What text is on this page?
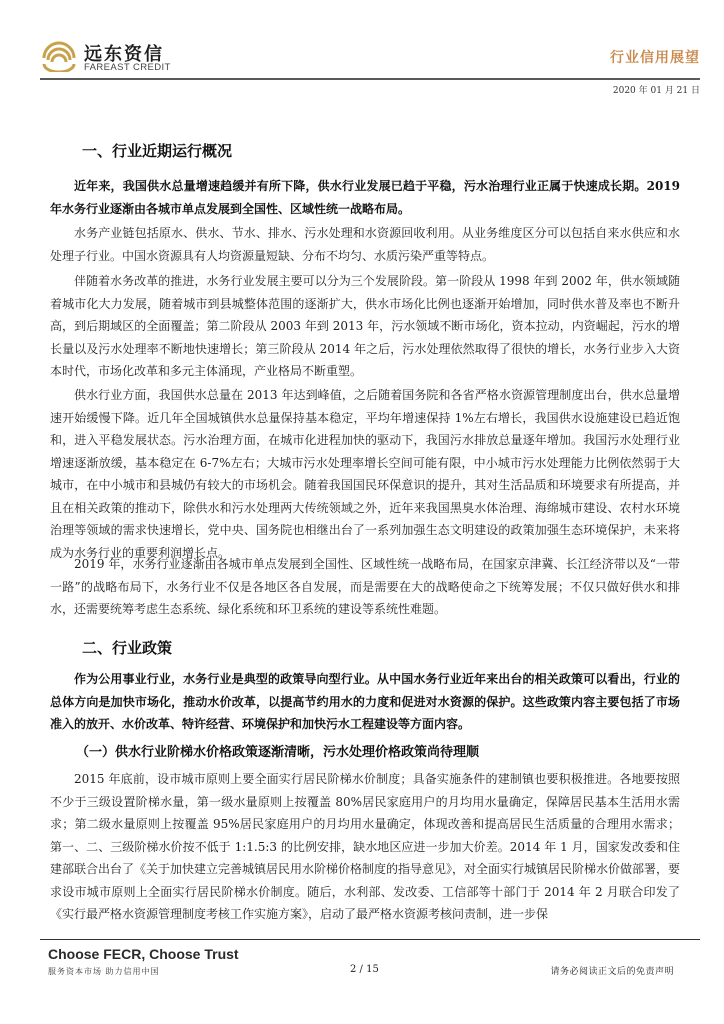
远东资信
FAREAST CREDIT
行业信用展望
2020 年 01 月 21 日
一、行业近期运行概况
近年来，我国供水总量增速趋缓并有所下降，供水行业发展已趋于平稳，污水治理行业正属于快速成长期。2019 年水务行业逐渐由各城市单点发展到全国性、区域性统一战略布局。
水务产业链包括原水、供水、节水、排水、污水处理和水资源回收利用。从业务维度区分可以包括自来水供应和水处理子行业。中国水资源具有人均资源量短缺、分布不均匀、水质污染严重等特点。
伴随着水务改革的推进，水务行业发展主要可以分为三个发展阶段。第一阶段从 1998 年到 2002 年，供水领域随着城市化大力发展，随着城市到县城整体范围的逐渐扩大，供水市场化比例也逐渐开始增加，同时供水普及率也不断升高，到后期域区的全面覆盖；第二阶段从 2003 年到 2013 年，污水领域不断市场化，资本拉动，内资崛起，污水的增长量以及污水处理率不断地快速增长；第三阶段从 2014 年之后，污水处理依然取得了很快的增长，水务行业步入大资本时代，市场化改革和多元主体涌现，产业格局不断重塑。
供水行业方面，我国供水总量在 2013 年达到峰值，之后随着国务院和各省严格水资源管理制度出台，供水总量增速开始缓慢下降。近几年全国城镇供水总量保持基本稳定，平均年增速保持 1%左右增长，我国供水设施建设已趋近饱和，进入平稳发展状态。污水治理方面，在城市化进程加快的驱动下，我国污水排放总量逐年增加。我国污水处理行业增速逐渐放缓，基本稳定在 6-7%左右；大城市污水处理率增长空间可能有限，中小城市污水处理能力比例依然弱于大城市，在中小城市和县城仍有较大的市场机会。随着我国国民环保意识的提升，其对生活品质和环境要求有所提高，并且在相关政策的推动下，除供水和污水处理两大传统领域之外，近年来我国黑臭水体治理、海绵城市建设、农村水环境治理等领域的需求快速增长，党中央、国务院也相继出台了一系列加强生态文明建设的政策加强生态环境保护，未来将成为水务行业的重要利润增长点。
2019 年，水务行业逐渐由各城市单点发展到全国性、区域性统一战略布局，在国家京津冀、长江经济带以及“一带一路”的战略布局下，水务行业不仅是各地区各自发展，而是需要在大的战略使命之下统筹发展；不仅只做好供水和排水，还需要统筹考虑生态系统、绿化系统和环卫系统的建设等系统性难题。
二、行业政策
作为公用事业行业，水务行业是典型的政策导向型行业。从中国水务行业近年来出台的相关政策可以看出，行业的总体方向是加快市场化，推动水价改革，以提高节约用水的力度和促进对水资源的保护。这些政策内容主要包括了市场准入的放开、水价改革、特许经营、环境保护和加快污水工程建设等方面内容。
（一）供水行业阶梯水价格政策逐渐清晰，污水处理价格政策尚待理顺
2015 年底前，设市城市原则上要全面实行居民阶梯水价制度；具备实施条件的建制镇也要积极推进。各地要按照不少于三级设置阶梯水量，第一级水量原则上按覆盖 80%居民家庭用户的月均用水量确定，保障居民基本生活用水需求；第二级水量原则上按覆盖 95%居民家庭用户的月均用水量确定，体现改善和提高居民生活质量的合理用水需求；第一、二、三级阶梯水价按不低于 1:1.5:3 的比例安排，缺水地区应进一步加大价差。2014 年 1 月，国家发改委和住建部联合出台了《关于加快建立完善城镇居民用水阶梯价格制度的指导意见》，对全面实行城镇居民阶梯水价做部署，要求设市城市原则上全面实行居民阶梯水价制度。随后，水利部、发改委、工信部等十部门于 2014 年 2 月联合印发了《实行最严格水资源管理制度考核工作实施方案》，启动了最严格水资源考核问责制，进一步保
Choose FECR, Choose Trust
服务资本市场 助力信用中国	2 / 15	请务必阅读正文后的免责声明
